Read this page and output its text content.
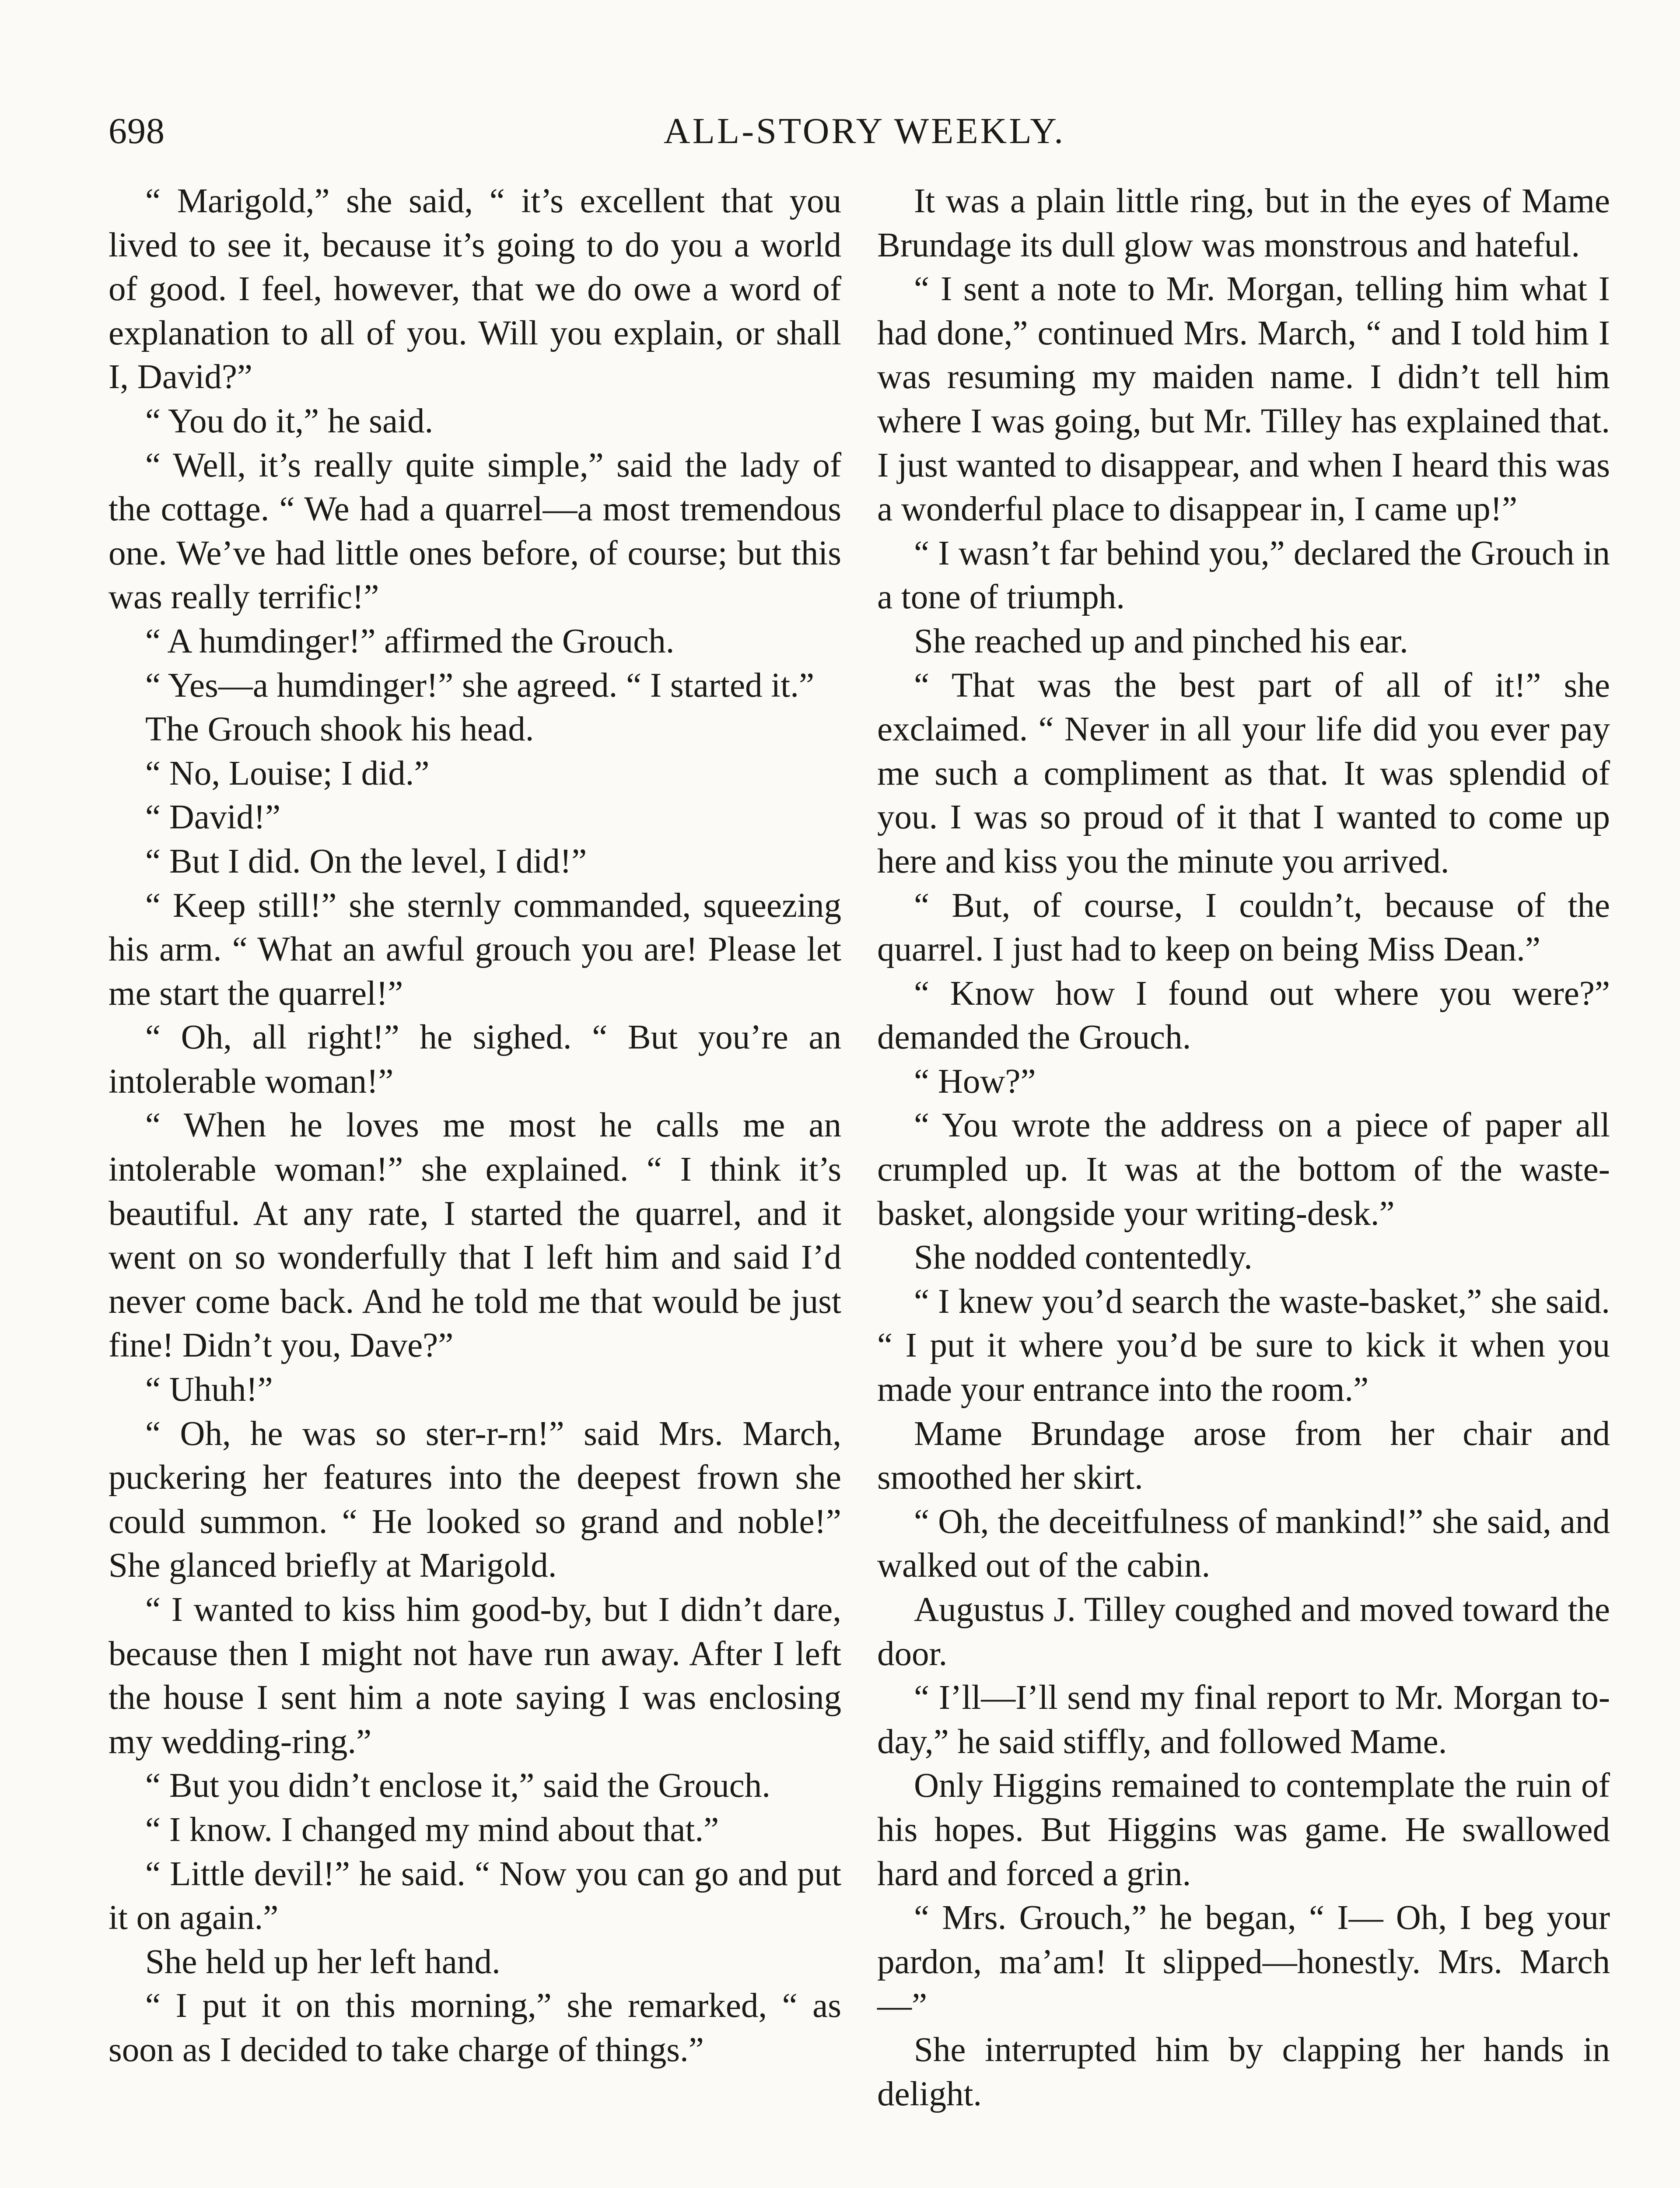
698	ALL-STORY WEEKLY.

“ Marigold,” she said, “ it’s excellent that you lived to see it, because it’s going to do you a world of good. I feel, however, that we do owe a word of explanation to all of you. Will you explain, or shall I, David?”

“ You do it,” he said.

“ Well, it’s really quite simple,” said the lady of the cottage. “ We had a quarrel—a most tremendous one. We’ve had little ones before, of course; but this was really terrific!”

“ A humdinger!” affirmed the Grouch.

“ Yes—a humdinger!” she agreed. “ I started it.”

The Grouch shook his head.

“ No, Louise; I did.”

“ David!”

“ But I did. On the level, I did!”

“ Keep still!” she sternly commanded, squeezing his arm. “ What an awful grouch you are! Please let me start the quarrel!”

“ Oh, all right!” he sighed. “ But you’re an intolerable woman!”

“ When he loves me most he calls me an intolerable woman!” she explained. “ I think it’s beautiful. At any rate, I started the quarrel, and it went on so wonderfully that I left him and said I’d never come back. And he told me that would be just fine! Didn’t you, Dave?”

“ Uhuh!”

“ Oh, he was so ster-r-rn!” said Mrs. March, puckering her features into the deepest frown she could summon. “ He looked so grand and noble!” She glanced briefly at Marigold.

“ I wanted to kiss him good-by, but I didn’t dare, because then I might not have run away. After I left the house I sent him a note saying I was enclosing my wedding-ring.”

“ But you didn’t enclose it,” said the Grouch.

“ I know. I changed my mind about that.”

“ Little devil!” he said. “ Now you can go and put it on again.”

She held up her left hand.

“ I put it on this morning,” she remarked, “ as soon as I decided to take charge of things.”

It was a plain little ring, but in the eyes of Mame Brundage its dull glow was monstrous and hateful.

“ I sent a note to Mr. Morgan, telling him what I had done,” continued Mrs. March, “ and I told him I was resuming my maiden name. I didn’t tell him where I was going, but Mr. Tilley has explained that. I just wanted to disappear, and when I heard this was a wonderful place to disappear in, I came up!”

“ I wasn’t far behind you,” declared the Grouch in a tone of triumph.

She reached up and pinched his ear.

“ That was the best part of all of it!” she exclaimed. “ Never in all your life did you ever pay me such a compliment as that. It was splendid of you. I was so proud of it that I wanted to come up here and kiss you the minute you arrived.

“ But, of course, I couldn’t, because of the quarrel. I just had to keep on being Miss Dean.”

“ Know how I found out where you were?” demanded the Grouch.

“ How?”

“ You wrote the address on a piece of paper all crumpled up. It was at the bottom of the waste-basket, alongside your writing-desk.”

She nodded contentedly.

“ I knew you’d search the waste-basket,” she said. “ I put it where you’d be sure to kick it when you made your entrance into the room.”

Mame Brundage arose from her chair and smoothed her skirt.

“ Oh, the deceitfulness of mankind!” she said, and walked out of the cabin.

Augustus J. Tilley coughed and moved toward the door.

“ I’ll—I’ll send my final report to Mr. Morgan to-day,” he said stiffly, and followed Mame.

Only Higgins remained to contemplate the ruin of his hopes. But Higgins was game. He swallowed hard and forced a grin.

“ Mrs. Grouch,” he began, “ I— Oh, I beg your pardon, ma’am! It slipped—honestly. Mrs. March—”

She interrupted him by clapping her hands in delight.
